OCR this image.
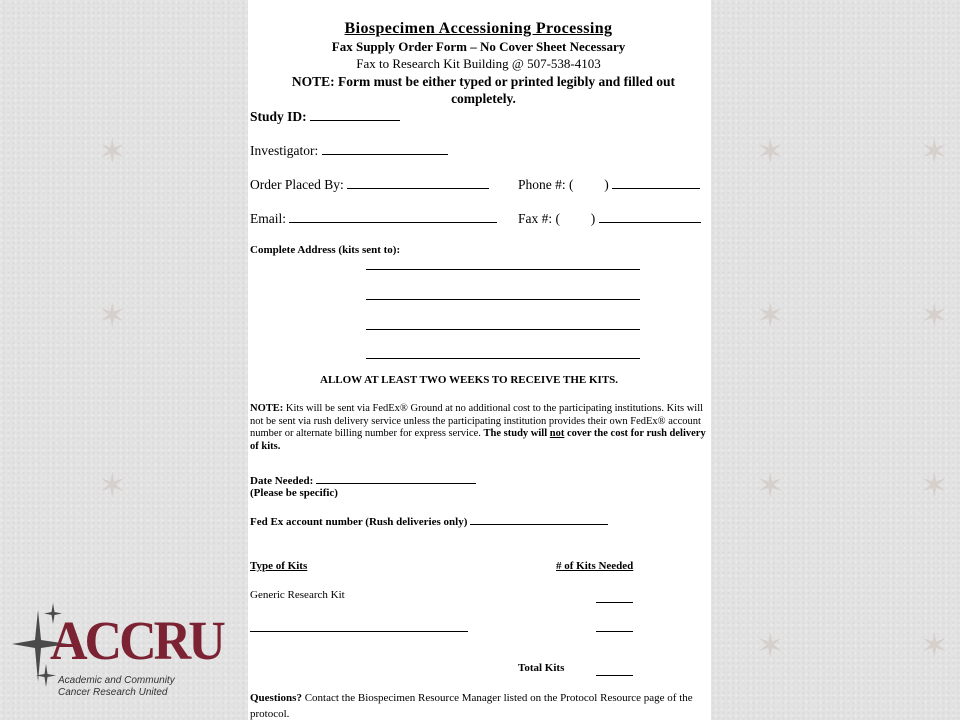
✶
✶
✶
✶	✶
✶	✶
✶	✶
✶	✶
Biospecimen Accessioning Processing
Fax Supply Order Form – No Cover Sheet Necessary
Fax to Research Kit Building @ 507-538-4103
NOTE: Form must be either typed or printed legibly and filled out completely.
Study ID:
Investigator:
Order Placed By:	Phone #: ( )
Email:	Fax #: ( )
Complete Address (kits sent to):
ALLOW AT LEAST TWO WEEKS TO RECEIVE THE KITS.
NOTE: Kits will be sent via FedEx® Ground at no additional cost to the participating institutions. Kits will not be sent via rush delivery service unless the participating institution provides their own FedEx® account number or alternate billing number for express service. The study will not cover the cost for rush delivery of kits.
Date Needed:
(Please be specific)
Fed Ex account number (Rush deliveries only)
Type of Kits	# of Kits Needed
Generic Research Kit
Total Kits
Questions? Contact the Biospecimen Resource Manager listed on the Protocol Resource page of the protocol.
ACCRU
Academic and Community
Cancer Research United
